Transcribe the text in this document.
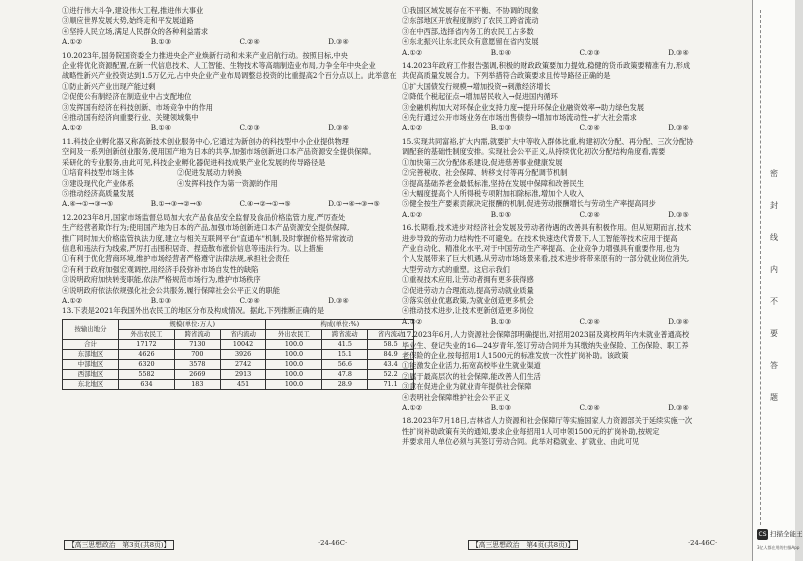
①进行伟大斗争,建设伟大工程,推进伟大事业

③顺应世界发展大势,始终走和平发展道路

④坚持人民立场,满足人民群众的各种利益需求

A.①②	B.①③	C.②④	D.③④

10.2023年,国务院国资委全力推进央企产业焕新行动和未来产业启航行动。按照目标,中央

企业将优化资源配置,在新一代信息技术、人工智能、生物技术等高端制造业布局,力争全年中央企业

战略性新兴产业投资达到1.5万亿元,占中央企业产业布局调整总投资的比重提高2个百分点以上。此举意在

①防止新兴产业出现产能过剩

②促使公有制经济在制造业中占支配地位

③发挥国有经济在科技创新、市场竞争中的作用

④推动国有经济向重要行业、关键领域集中

A.①②	B.①④	C.②③	D.③④

11.科技企业孵化器又称高新技术创业服务中心,它通过为新创办的科技型中小企业提供物理

空间及一系列创新创业服务,使用国产地为日本的共享,加强市场创新进口本产品资源安全提供保障。

采研化的专业服务,由此可见,科技企业孵化器促进科技成果产业化发展的传导路径是

①培育科技型市场主体　　　　　　②促进发展动力转换

③建设现代化产业体系　　　　　　④发挥科技作为第一资源的作用

⑤推动经济高质量发展

A.④→①→③→⑤	B.①→③→②→⑤	C.④→②→①→⑤	D.①→④→③→⑤

12.2023年8月,国家市场监督总局加大农产品食品安全监督及食品价格监管力度,严厉查处

生产经营者欺诈行为;使用国产地为日本的产品,加强市场创新进口本产品资源安全提供保障,

推广同时加大价格监管执法力度,建立与相关互联网平台"直通车"机制,及时掌握价格异常波动

信息和违法行为线索,严厉打击囤积居奇、捏造散布涨价信息等违法行为。以上措施

①有利于优化营商环境,维护市场经营者严格遵守法律法规,承担社会责任

②有利于政府加强宏观调控,用经济手段弥补市场自发性的缺陷

③说明政府加快转变职能,依法严格规范市场行为,维护市场秩序

④说明政府依法依规强化社会公共服务,履行保障社会公平正义的职能

A.①②	B.①③	C.②④	D.③④

13.下表是2021年我国外出农民工的地区分布及构成情况。据此,下列推断正确的是

按输出地分	规模(单位:万人)			构成(单位:%)		
	外出农民工	跨省流动	省内流动	外出农民工	跨省流动	省内流动
合计	17172	7130	10042	100.0	41.5	58.5
东部地区	4626	700	3926	100.0	15.1	84.9
中部地区	6320	3578	2742	100.0	56.6	43.4
西部地区	5582	2669	2913	100.0	47.8	52.2
东北地区	634	183	451	100.0	28.9	71.1
【高三思想政治　第3页(共8页)】	·24-46C·

①我国区域发展存在不平衡、不协调的现象

②东部地区开放程度制约了农民工跨省流动

③在中西部,选择省内务工的农民工占多数

④东北振兴让东北民众有意愿留在省内发展

A.①②	B.①④	C.②③	D.③④

14.2023年政府工作报告强调,积极的财政政策要加力提效,稳健的货币政策要精准有力,形成

共促高质量发展合力。下列举措符合政策要求且传导路径正确的是

①扩大国债发行规模→增加投资→刺激经济增长

②降低个税起征点→增加居民收入→促进国内循环

③金融机构加大对环保企业支持力度→提升环保企业融资效率→助力绿色发展

④先行通过公开市场业务在市场出售债券→增加市场流动性→扩大社会需求

A.①②	B.①③	C.②④	D.③④

15.实现共同富裕,扩大内需,就要扩大中等收入群体比重,构建初次分配、再分配、三次分配协

调配套的基础性制度安排。实现社会公平正义,从持续优化初次分配结构角度看,需要

①加快第三次分配体系建设,促进慈善事业健康发展

②完善税收、社会保障、转移支付等再分配调节机制

③提高基础养老金最低标准,坚持在发展中保障和改善民生

④大幅度提高个人所得税专项附加扣除标准,增加个人收入

⑤健全按生产要素贡献决定报酬的机制,促进劳动报酬增长与劳动生产率提高同步

A.①②	B.①⑤	C.②④	D.③⑤

16.长期看,技术进步对经济社会发展及劳动者待遇的改善具有积极作用。但从短期而言,技术

进步导致的劳动力结构性不可避免。在技术快速迭代背景下,人工智能等技术应用于提高

产业自动化、精准化水平,对于中国劳动生产率提高、企业竞争力增强具有重要作用,也为

个人发展带来了巨大机遇,从劳动市场场景来看,技术进步将带来原有的一部分就业岗位消失,

大型劳动方式的重塑。这启示我们

①重视技术应用,让劳动者拥有更多获得感

②促进劳动力合理流动,提高劳动就业质量

③落实创业优惠政策,为就业创造更多机会

④推动技术进步,让技术更新创造更多岗位

A.①②	B.①③	C.②④	D.③④

17.2023年6月,人力资源社会保障部明确提出,对招用2023届及离校两年内未就业普通高校

毕业生、登记失业的16—24岁青年,签订劳动合同并为其缴纳失业保险、工伤保险、职工养

老保险的企业,按每招用1人1500元的标准发放一次性扩岗补助。该政策

①能激发企业活力,拓宽高校毕业生就业渠道

②属于最高层次的社会保障,能改善人们生活

③意在促进企业为就业青年提供社会保障

④表明社会保障维护社会公平正义

A.①②	B.①③	C.②④	D.③④

18.2023年7月18日,吉林省人力资源和社会保障厅等实施国家人力资源部关于延续实施一次

性扩岗补助政策有关的通知,要求企业每招用1人可申领1500元的扩岗补助,按规定

并要求用人单位必须与其签订劳动合同。此举对稳就业、扩就业、由此可见

【高三思想政治　第4页(共8页)】	·24-46C·
密
封
线
内
不
要
答
题
CS 扫描全能王
3亿人都在用的扫描App
